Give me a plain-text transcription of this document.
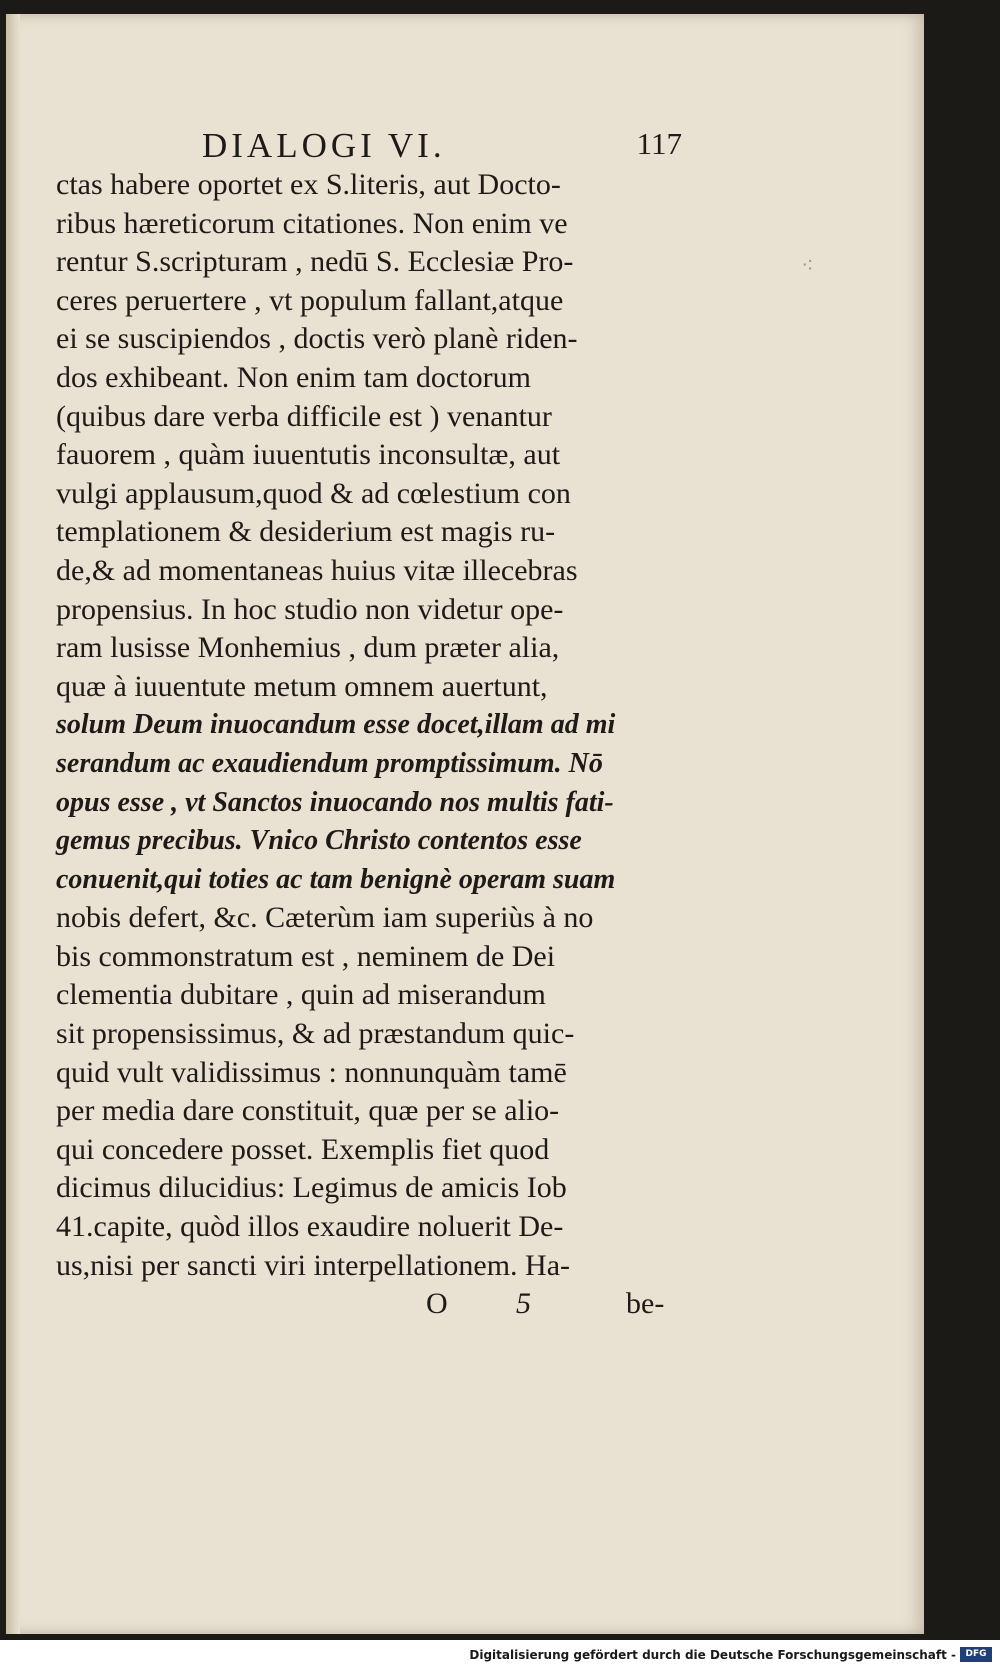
DIALOGI VI.	117
⁖
ctas habere oportet ex S.literis, aut Docto-
ribus hæreticorum citationes. Non enim ve
rentur S.scripturam , nedū S. Ecclesiæ Pro-
ceres peruertere , vt populum fallant,atque
ei se suscipiendos , doctis verò planè riden-
dos exhibeant. Non enim tam doctorum
(quibus dare verba difficile est ) venantur
fauorem , quàm iuuentutis inconsultæ, aut
vulgi applausum,quod & ad cœlestium con
templationem & desiderium est magis ru-
de,& ad momentaneas huius vitæ illecebras
propensius. In hoc studio non videtur ope-
ram lusisse Monhemius , dum præter alia,
quæ à iuuentute metum omnem auertunt,
solum Deum inuocandum esse docet,illam ad mi
serandum ac exaudiendum promptissimum. Nō
opus esse , vt Sanctos inuocando nos multis fati-
gemus precibus. Vnico Christo contentos esse
conuenit,qui toties ac tam benignè operam suam
nobis defert, &c. Cæterùm iam superiùs à no
bis commonstratum est , neminem de Dei
clementia dubitare , quin ad miserandum
sit propensissimus, & ad præstandum quic-
quid vult validissimus : nonnunquàm tamē
per media dare constituit, quæ per se alio-
qui concedere posset. Exemplis fiet quod
dicimus dilucidius: Legimus de amicis Iob
41.capite, quòd illos exaudire noluerit De-
us,nisi per sancti viri interpellationem. Ha-
O 5	be-
Digitalisierung gefördert durch die Deutsche Forschungsgemeinschaft -	DFG
